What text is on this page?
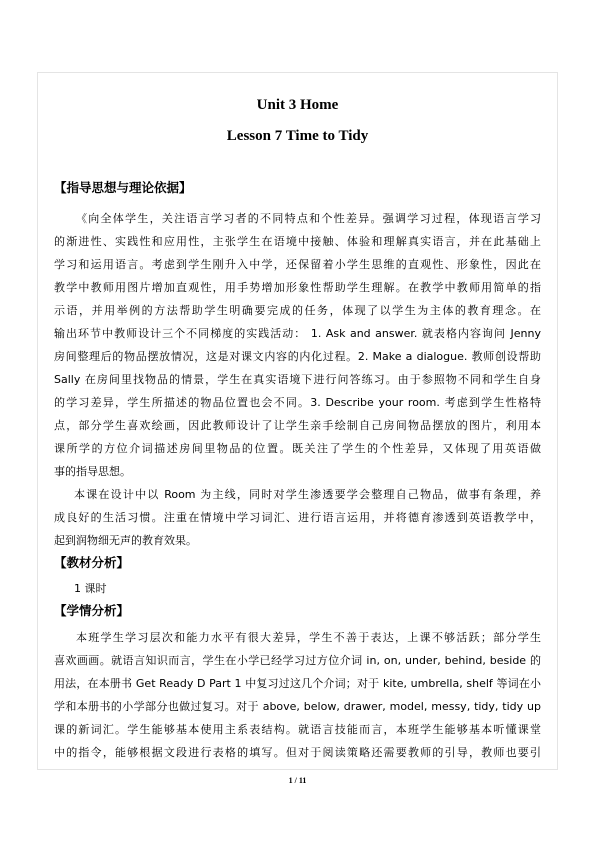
Unit 3 Home
Lesson 7 Time to Tidy
【指导思想与理论依据】
《向全体学生，关注语言学习者的不同特点和个性差异。强调学习过程，体现语言学习
的渐进性、实践性和应用性，主张学生在语境中接触、体验和理解真实语言，并在此基础上
学习和运用语言。考虑到学生刚升入中学，还保留着小学生思维的直观性、形象性，因此在
教学中教师用图片增加直观性，用手势增加形象性帮助学生理解。在教学中教师用简单的指
示语，并用举例的方法帮助学生明确要完成的任务，体现了以学生为主体的教育理念。在
输出环节中教师设计三个不同梯度的实践活动： 1. Ask and answer. 就表格内容询问 Jenny
房间整理后的物品摆放情况，这是对课文内容的内化过程。2. Make a dialogue. 教师创设帮助
Sally 在房间里找物品的情景，学生在真实语境下进行问答练习。由于参照物不同和学生自身
的学习差异，学生所描述的物品位置也会不同。3. Describe your room. 考虑到学生性格特
点，部分学生喜欢绘画，因此教师设计了让学生亲手绘制自己房间物品摆放的图片，利用本
课所学的方位介词描述房间里物品的位置。既关注了学生的个性差异，又体现了用英语做
事的指导思想。
本课在设计中以 Room 为主线，同时对学生渗透要学会整理自己物品，做事有条理，养
成良好的生活习惯。注重在情境中学习词汇、进行语言运用，并将德育渗透到英语教学中，
起到润物细无声的教育效果。
【教材分析】
1 课时
【学情分析】
本班学生学习层次和能力水平有很大差异，学生不善于表达，上课不够活跃；部分学生
喜欢画画。就语言知识而言，学生在小学已经学习过方位介词 in, on, under, behind, beside 的
用法，在本册书 Get Ready D Part 1 中复习过这几个介词；对于 kite, umbrella, shelf 等词在小
学和本册书的小学部分也做过复习。对于 above, below, drawer, model, messy, tidy, tidy up
课的新词汇。学生能够基本使用主系表结构。就语言技能而言，本班学生能够基本听懂课堂
中的指令，能够根据文段进行表格的填写。但对于阅读策略还需要教师的引导，教师也要引
1 / 11
